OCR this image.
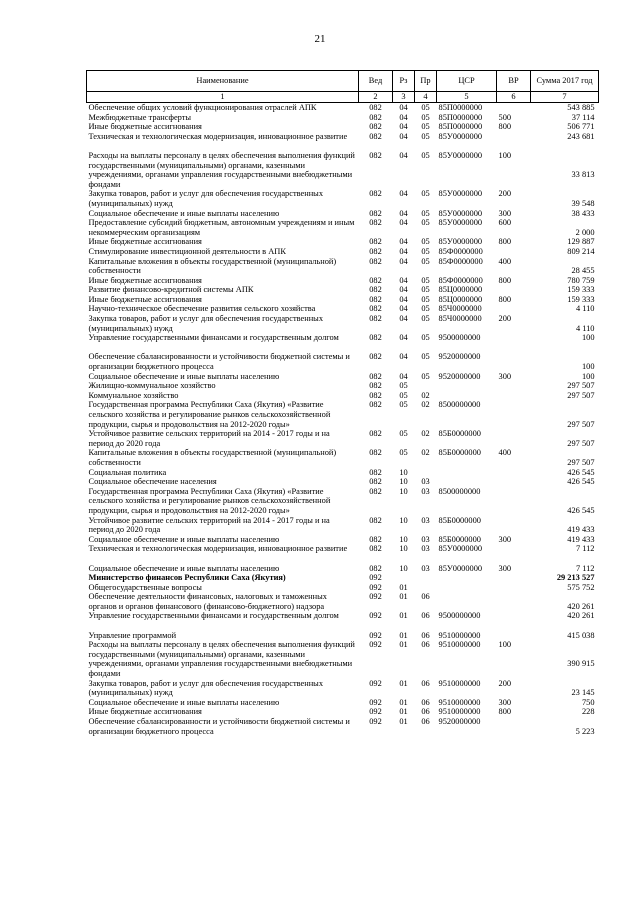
21
Наименование	Вед	Рз	Пр	ЦСР	ВР	Сумма 2017 год
1	2	3	4	5	6	7
Обеспечение общих условий функционирования отраслей АПК	082	04	05	85П0000000		543 885

Межбюджетные трансферты	082	04	05	85П0000000	500	37 114

Иные бюджетные ассигнования	082	04	05	85П0000000	800	506 771

Техническая и технологическая модернизация, инновационное развитие	082	04	05	85У0000000		243 681

Расходы на выплаты персоналу в целях обеспечения выполнения функций государственными (муниципальными) органами, казенными учреждениями, органами управления государственными внебюджетными фондами	082	04	05	85У0000000	100	33 813

Закупка товаров, работ и услуг для обеспечения государственных (муниципальных) нужд	082	04	05	85У0000000	200	39 548

Социальное обеспечение и иные выплаты населению	082	04	05	85У0000000	300	38 433

Предоставление субсидий бюджетным, автономным учреждениям и иным некоммерческим организациям	082	04	05	85У0000000	600	2 000

Иные бюджетные ассигнования	082	04	05	85У0000000	800	129 887

Стимулирование инвестиционной деятельности в АПК	082	04	05	85Ф0000000		809 214

Капитальные вложения в объекты государственной (муниципальной) собственности	082	04	05	85Ф0000000	400	28 455

Иные бюджетные ассигнования	082	04	05	85Ф0000000	800	780 759

Развитие финансово-кредитной системы АПК	082	04	05	85Ц0000000		159 333

Иные бюджетные ассигнования	082	04	05	85Ц0000000	800	159 333

Научно-техническое обеспечение развития сельского хозяйства	082	04	05	85Ч0000000		4 110

Закупка товаров, работ и услуг для обеспечения государственных (муниципальных) нужд	082	04	05	85Ч0000000	200	4 110

Управление государственными финансами и государственным долгом	082	04	05	9500000000		100

Обеспечение сбалансированности и устойчивости бюджетной системы и организации бюджетного процесса	082	04	05	9520000000		100

Социальное обеспечение и иные выплаты населению	082	04	05	9520000000	300	100

Жилищно-коммунальное хозяйство	082	05				297 507

Коммунальное хозяйство	082	05	02			297 507

Государственная программа Республики Саха (Якутия) «Развитие сельского хозяйства и регулирование рынков сельскохозяйственной продукции, сырья и продовольствия на 2012-2020 годы»	082	05	02	8500000000		297 507

Устойчивое развитие сельских территорий на 2014 - 2017 годы и на период до 2020 года	082	05	02	85Б0000000		297 507

Капитальные вложения в объекты государственной (муниципальной) собственности	082	05	02	85Б0000000	400	297 507

Социальная политика	082	10				426 545

Социальное обеспечение населения	082	10	03			426 545

Государственная программа Республики Саха (Якутия) «Развитие сельского хозяйства и регулирование рынков сельскохозяйственной продукции, сырья и продовольствия на 2012-2020 годы»	082	10	03	8500000000		426 545

Устойчивое развитие сельских территорий на 2014 - 2017 годы и на период до 2020 года	082	10	03	85Б0000000		419 433

Социальное обеспечение и иные выплаты населению	082	10	03	85Б0000000	300	419 433

Техническая и технологическая модернизация, инновационное развитие	082	10	03	85У0000000		7 112

Социальное обеспечение и иные выплаты населению	082	10	03	85У0000000	300	7 112

Министерство финансов Республики Саха (Якутия)	092					29 213 527

Общегосударственные вопросы	092	01				575 752

Обеспечение деятельности финансовых, налоговых и таможенных органов и органов финансового (финансово-бюджетного) надзора	092	01	06			420 261

Управление государственными финансами и государственным долгом	092	01	06	9500000000		420 261

Управление программой	092	01	06	9510000000		415 038

Расходы на выплаты персоналу в целях обеспечения выполнения функций государственными (муниципальными) органами, казенными учреждениями, органами управления государственными внебюджетными фондами	092	01	06	9510000000	100	390 915

Закупка товаров, работ и услуг для обеспечения государственных (муниципальных) нужд	092	01	06	9510000000	200	23 145

Социальное обеспечение и иные выплаты населению	092	01	06	9510000000	300	750

Иные бюджетные ассигнования	092	01	06	9510000000	800	228

Обеспечение сбалансированности и устойчивости бюджетной системы и организации бюджетного процесса	092	01	06	9520000000		5 223
